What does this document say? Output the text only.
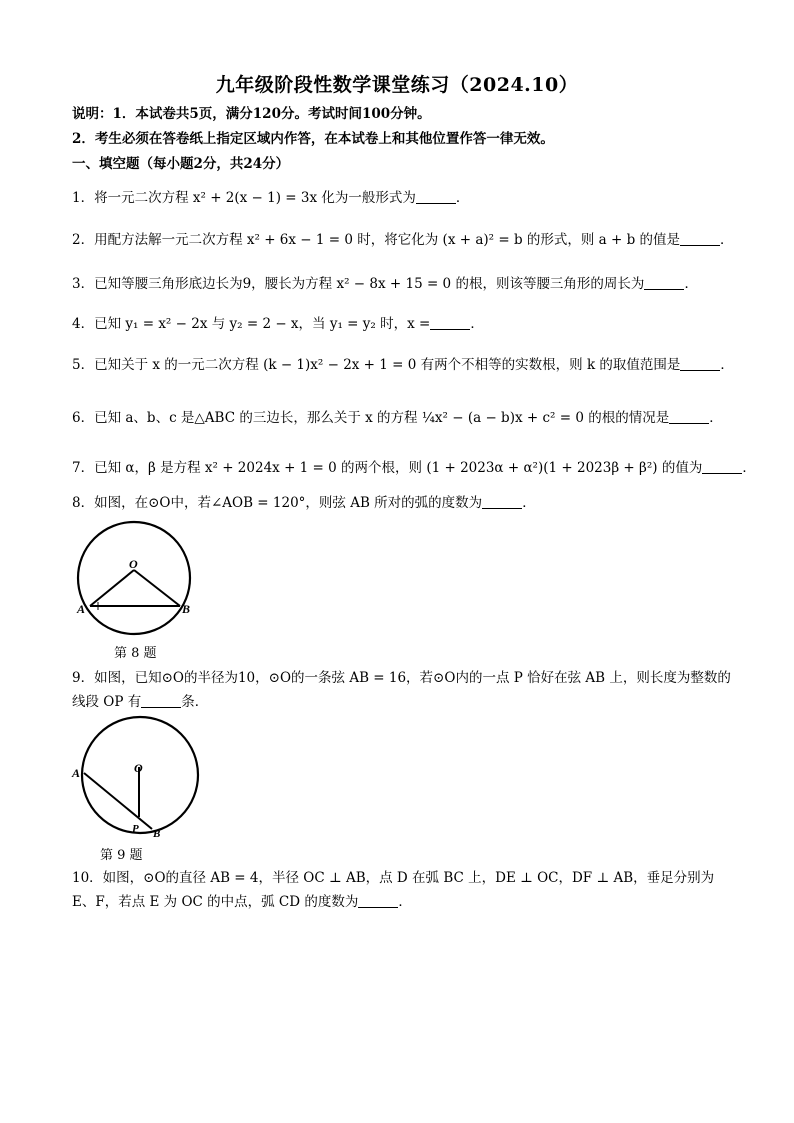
九年级阶段性数学课堂练习（2024.10）
说明：1．本试卷共5页，满分120分。考试时间100分钟。
2．考生必须在答卷纸上指定区域内作答，在本试卷上和其他位置作答一律无效。
一、填空题（每小题2分，共24分）
1．将一元二次方程 x² + 2(x − 1) = 3x 化为一般形式为	．
2．用配方法解一元二次方程 x² + 6x − 1 = 0 时，将它化为 (x + a)² = b 的形式，则 a + b 的值是	．
3．已知等腰三角形底边长为9，腰长为方程 x² − 8x + 15 = 0 的根，则该等腰三角形的周长为	．
4．已知 y₁ = x² − 2x 与 y₂ = 2 − x，当 y₁ = y₂ 时，x =	．
5．已知关于 x 的一元二次方程 (k − 1)x² − 2x + 1 = 0 有两个不相等的实数根，则 k 的取值范围是	．
6．已知 a、b、c 是△ABC 的三边长，那么关于 x 的方程 ¼x² − (a − b)x + c² = 0 的根的情况是	．
7．已知 α，β 是方程 x² + 2024x + 1 = 0 的两个根，则 (1 + 2023α + α²)(1 + 2023β + β²) 的值为	．
8．如图，在⊙O中，若∠AOB = 120°，则弦 AB 所对的弧的度数为	．
O
A	B
第 8 题
9．如图，已知⊙O的半径为10，⊙O的一条弦 AB = 16，若⊙O内的一点 P 恰好在弦 AB 上，则长度为整数的线段 OP 有	条．
O
A
P B
第 9 题
10．如图，⊙O的直径 AB = 4，半径 OC ⊥ AB，点 D 在弧 BC 上，DE ⊥ OC，DF ⊥ AB，垂足分别为 E、F，若点 E 为 OC 的中点，弧 CD 的度数为	．
